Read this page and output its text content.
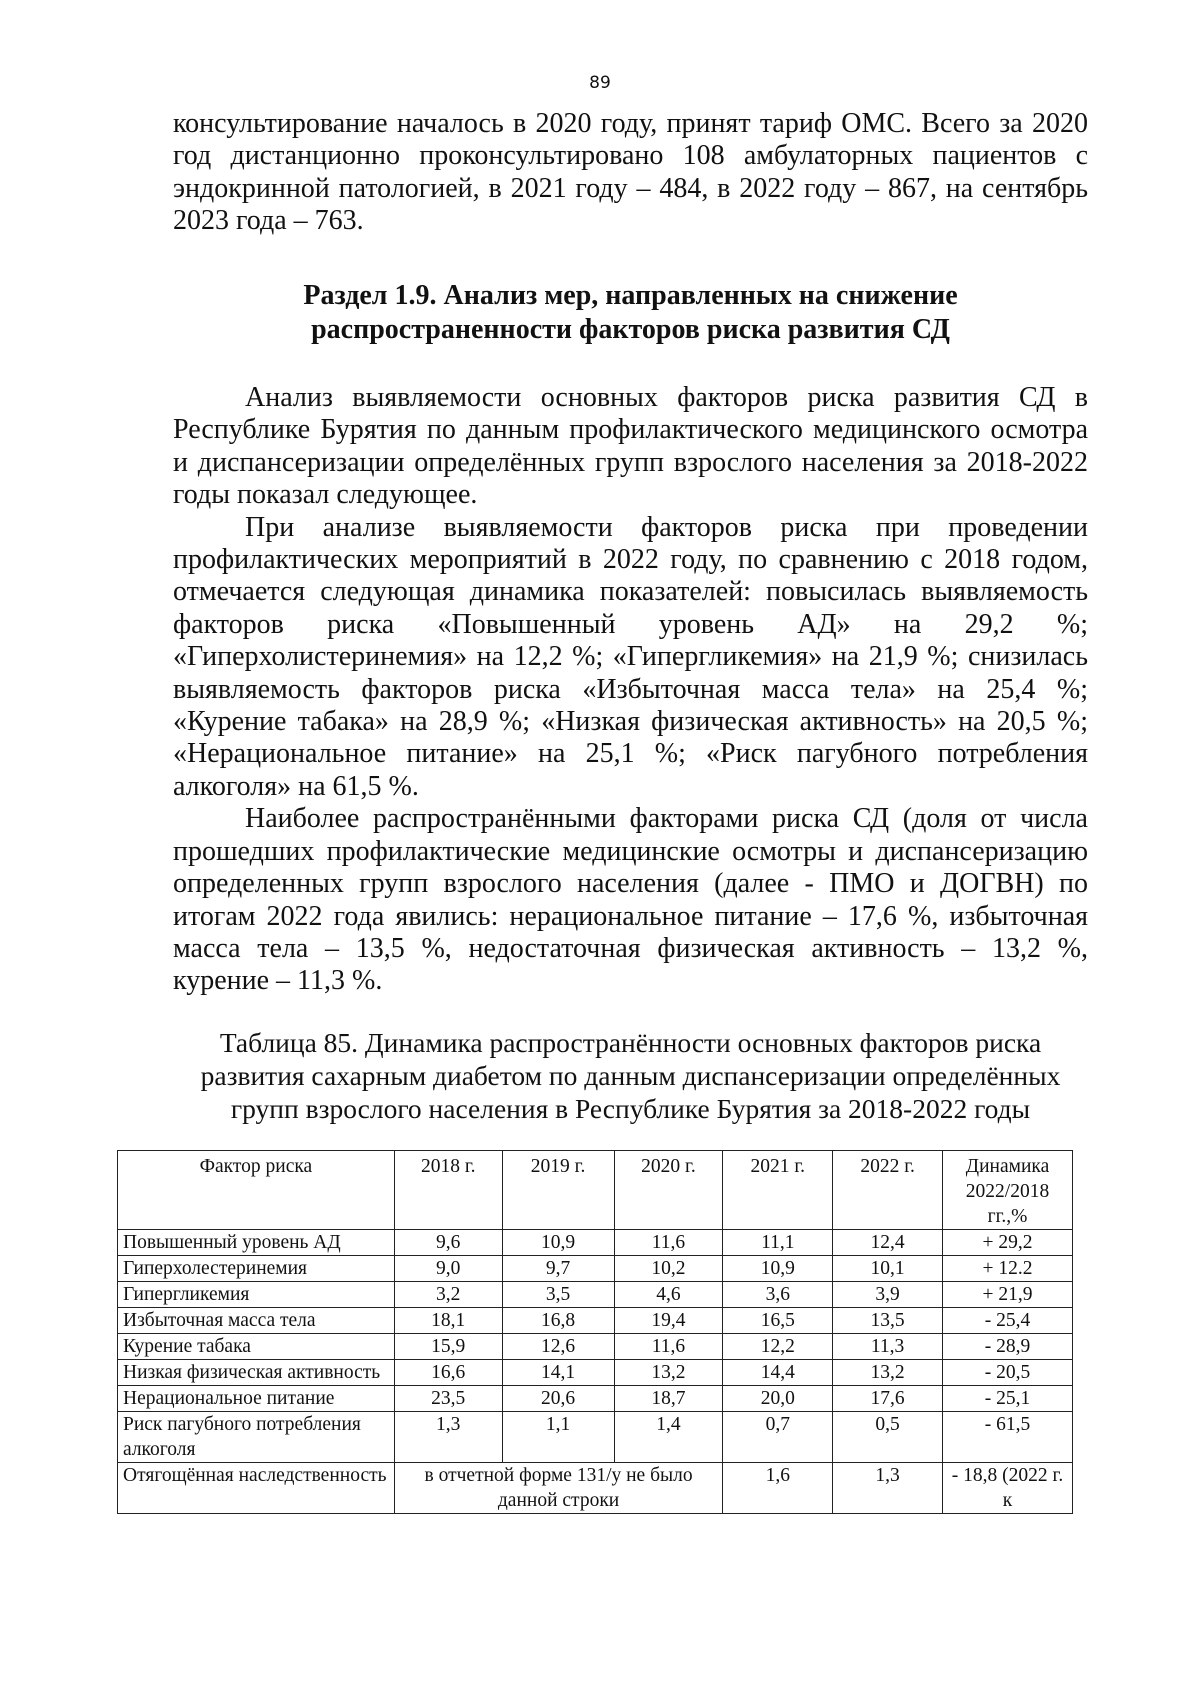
89

консультирование началось в 2020 году, принят тариф ОМС. Всего за 2020 год дистанционно проконсультировано 108 амбулаторных пациентов с эндокринной патологией, в 2021 году – 484, в 2022 году – 867, на сентябрь 2023 года – 763.

Раздел 1.9. Анализ мер, направленных на снижение
распространенности факторов риска развития СД

Анализ выявляемости основных факторов риска развития СД в Республике Бурятия по данным профилактического медицинского осмотра и диспансеризации определённых групп взрослого населения за 2018-2022 годы показал следующее.

При анализе выявляемости факторов риска при проведении профилактических мероприятий в 2022 году, по сравнению с 2018 годом, отмечается следующая динамика показателей: повысилась выявляемость факторов риска «Повышенный уровень АД» на 29,2 %; «Гиперхолистеринемия» на 12,2 %; «Гипергликемия» на 21,9 %; снизилась выявляемость факторов риска «Избыточная масса тела» на 25,4 %; «Курение табака» на 28,9 %; «Низкая физическая активность» на 20,5 %; «Нерациональное питание» на 25,1 %; «Риск пагубного потребления алкоголя» на 61,5 %.

Наиболее распространёнными факторами риска СД (доля от числа прошедших профилактические медицинские осмотры и диспансеризацию определенных групп взрослого населения (далее - ПМО и ДОГВН) по итогам 2022 года явились: нерациональное питание – 17,6 %, избыточная масса тела – 13,5 %, недостаточная физическая активность – 13,2 %, курение – 11,3 %.

Таблица 85. Динамика распространённости основных факторов риска
развития сахарным диабетом по данным диспансеризации определённых
групп взрослого населения в Республике Бурятия за 2018-2022 годы
Фактор риска	2018 г.	2019 г.	2020 г.	2021 г.	2022 г.	Динамика 2022/2018 гг.,%
Повышенный уровень АД	9,6	10,9	11,6	11,1	12,4	+ 29,2
Гиперхолестеринемия	9,0	9,7	10,2	10,9	10,1	+ 12.2
Гипергликемия	3,2	3,5	4,6	3,6	3,9	+ 21,9
Избыточная масса тела	18,1	16,8	19,4	16,5	13,5	- 25,4
Курение табака	15,9	12,6	11,6	12,2	11,3	- 28,9
Низкая физическая активность	16,6	14,1	13,2	14,4	13,2	- 20,5
Нерациональное питание	23,5	20,6	18,7	20,0	17,6	- 25,1
Риск пагубного потребления алкоголя	1,3	1,1	1,4	0,7	0,5	- 61,5
Отягощённая наследственность	в отчетной форме 131/у не было данной строки			1,6	1,3	- 18,8 (2022 г. к
